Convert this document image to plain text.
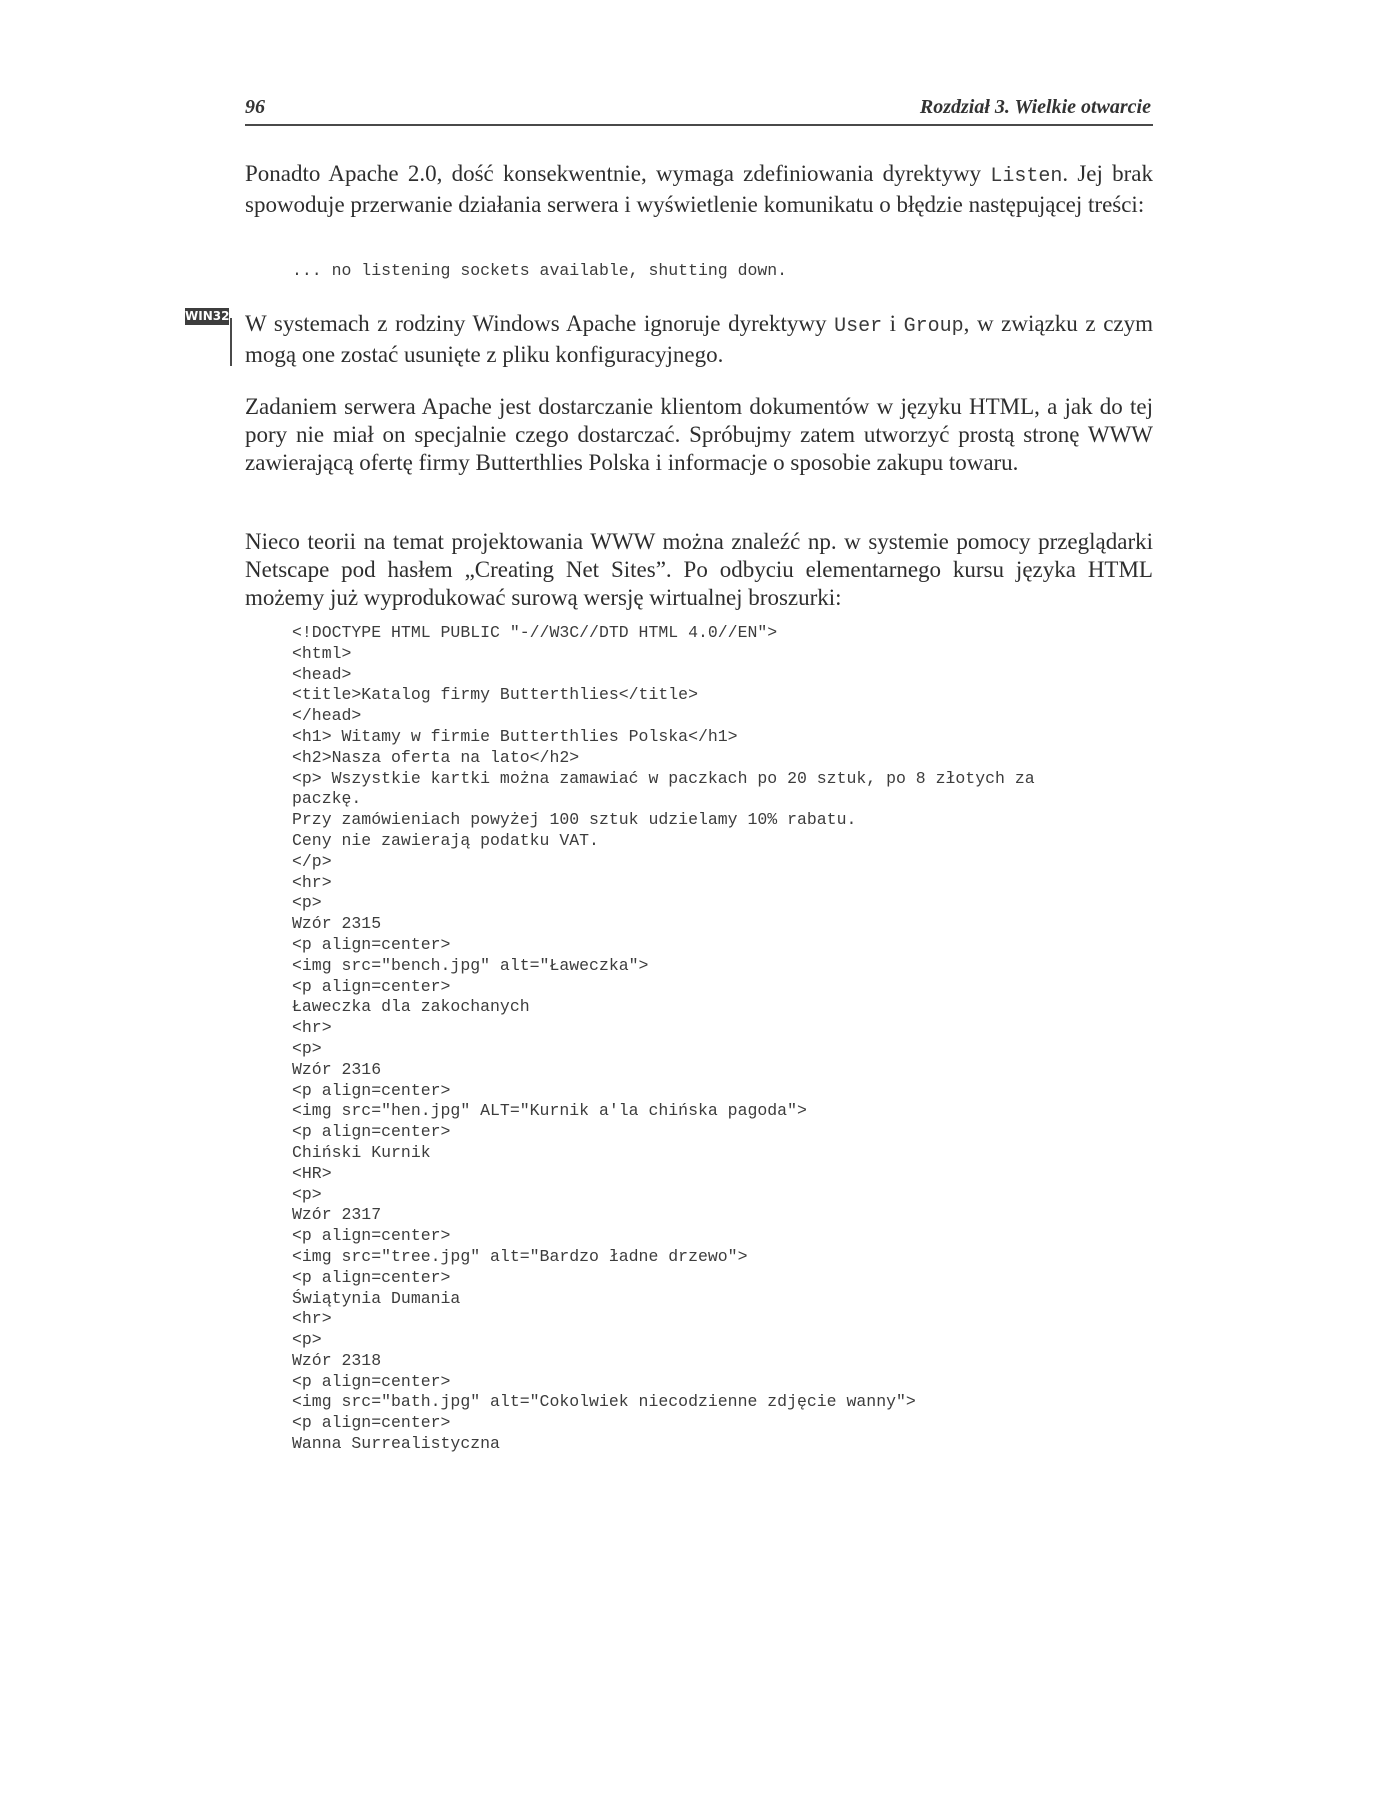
96	Rozdział 3. Wielkie otwarcie

Ponadto Apache 2.0, dość konsekwentnie, wymaga zdefiniowania dyrektywy Listen. Jej brak spowoduje przerwanie działania serwera i wyświetlenie komunikatu o błędzie następującej treści:

... no listening sockets available, shutting down.

WIN32 W systemach z rodziny Windows Apache ignoruje dyrektywy User i Group, w związku z czym mogą one zostać usunięte z pliku konfiguracyjnego.

Zadaniem serwera Apache jest dostarczanie klientom dokumentów w języku HTML, a jak do tej pory nie miał on specjalnie czego dostarczać. Spróbujmy zatem utworzyć prostą stronę WWW zawierającą ofertę firmy Butterthlies Polska i informacje o sposobie zakupu towaru.

Nieco teorii na temat projektowania WWW można znaleźć np. w systemie pomocy przeglądarki Netscape pod hasłem „Creating Net Sites”. Po odbyciu elementarnego kursu języka HTML możemy już wyprodukować surową wersję wirtualnej broszurki:

<!DOCTYPE HTML PUBLIC "-//W3C//DTD HTML 4.0//EN">
<html>
<head>
<title>Katalog firmy Butterthlies</title>
</head>
<h1> Witamy w firmie Butterthlies Polska</h1>
<h2>Nasza oferta na lato</h2>
<p> Wszystkie kartki można zamawiać w paczkach po 20 sztuk, po 8 złotych za
paczkę.
Przy zamówieniach powyżej 100 sztuk udzielamy 10% rabatu.
Ceny nie zawierają podatku VAT.
</p>
<hr>
<p>
Wzór 2315
<p align=center>
<img src="bench.jpg" alt="Ławeczka">
<p align=center>
Ławeczka dla zakochanych
<hr>
<p>
Wzór 2316
<p align=center>
<img src="hen.jpg" ALT="Kurnik a'la chińska pagoda">
<p align=center>
Chiński Kurnik
<HR>
<p>
Wzór 2317
<p align=center>
<img src="tree.jpg" alt="Bardzo ładne drzewo">
<p align=center>
Świątynia Dumania
<hr>
<p>
Wzór 2318
<p align=center>
<img src="bath.jpg" alt="Cokolwiek niecodzienne zdjęcie wanny">
<p align=center>
Wanna Surrealistyczna
